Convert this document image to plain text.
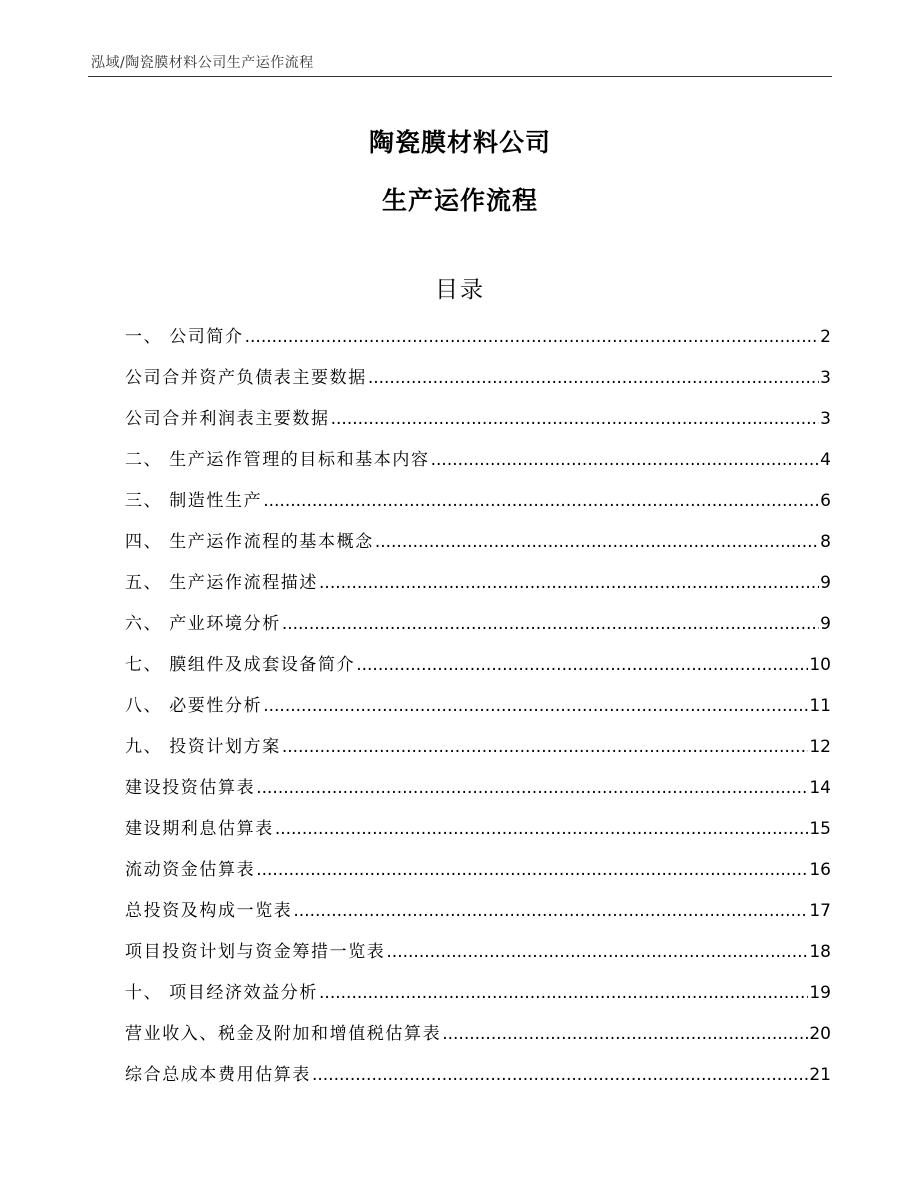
泓域/陶瓷膜材料公司生产运作流程
陶瓷膜材料公司
生产运作流程
目录
一、 公司简介 .....	2
公司合并资产负债表主要数据 .....	3
公司合并利润表主要数据 .....	3
二、 生产运作管理的目标和基本内容 .....	4
三、 制造性生产 .....	6
四、 生产运作流程的基本概念 .....	8
五、 生产运作流程描述 .....	9
六、 产业环境分析 .....	9
七、 膜组件及成套设备简介 .....	10
八、 必要性分析 .....	11
九、 投资计划方案 .....	12
建设投资估算表 .....	14
建设期利息估算表 .....	15
流动资金估算表 .....	16
总投资及构成一览表 .....	17
项目投资计划与资金筹措一览表 .....	18
十、 项目经济效益分析 .....	19
营业收入、税金及附加和增值税估算表 .....	20
综合总成本费用估算表 .....	21
